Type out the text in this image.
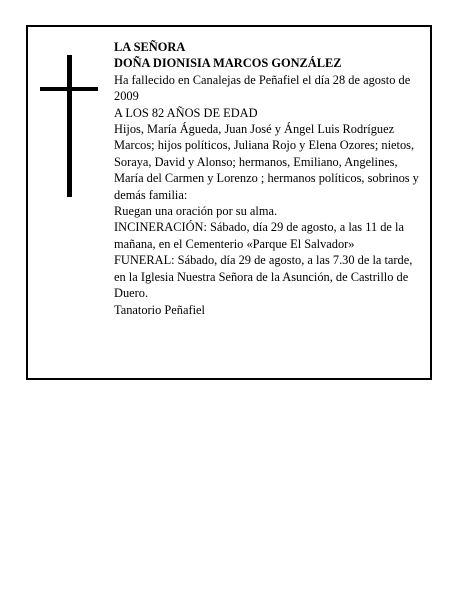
LA SEÑORA

DOÑA DIONISIA MARCOS GONZÁLEZ

Ha fallecido en Canalejas de Peñafiel el día 28 de agosto de 2009

A LOS 82 AÑOS DE EDAD

Hijos, María Águeda, Juan José y Ángel Luis Rodríguez Marcos; hijos políticos, Juliana Rojo y Elena Ozores; nietos, Soraya, David y Alonso; hermanos, Emiliano, Angelines, María del Carmen y Lorenzo ; hermanos políticos, sobrinos y demás familia:

Ruegan una oración por su alma.

INCINERACIÓN: Sábado, día 29 de agosto, a las 11 de la mañana, en el Cementerio «Parque El Salvador»

FUNERAL: Sábado, día 29 de agosto, a las 7.30 de la tarde, en la Iglesia Nuestra Señora de la Asunción, de Castrillo de Duero.

Tanatorio Peñafiel
